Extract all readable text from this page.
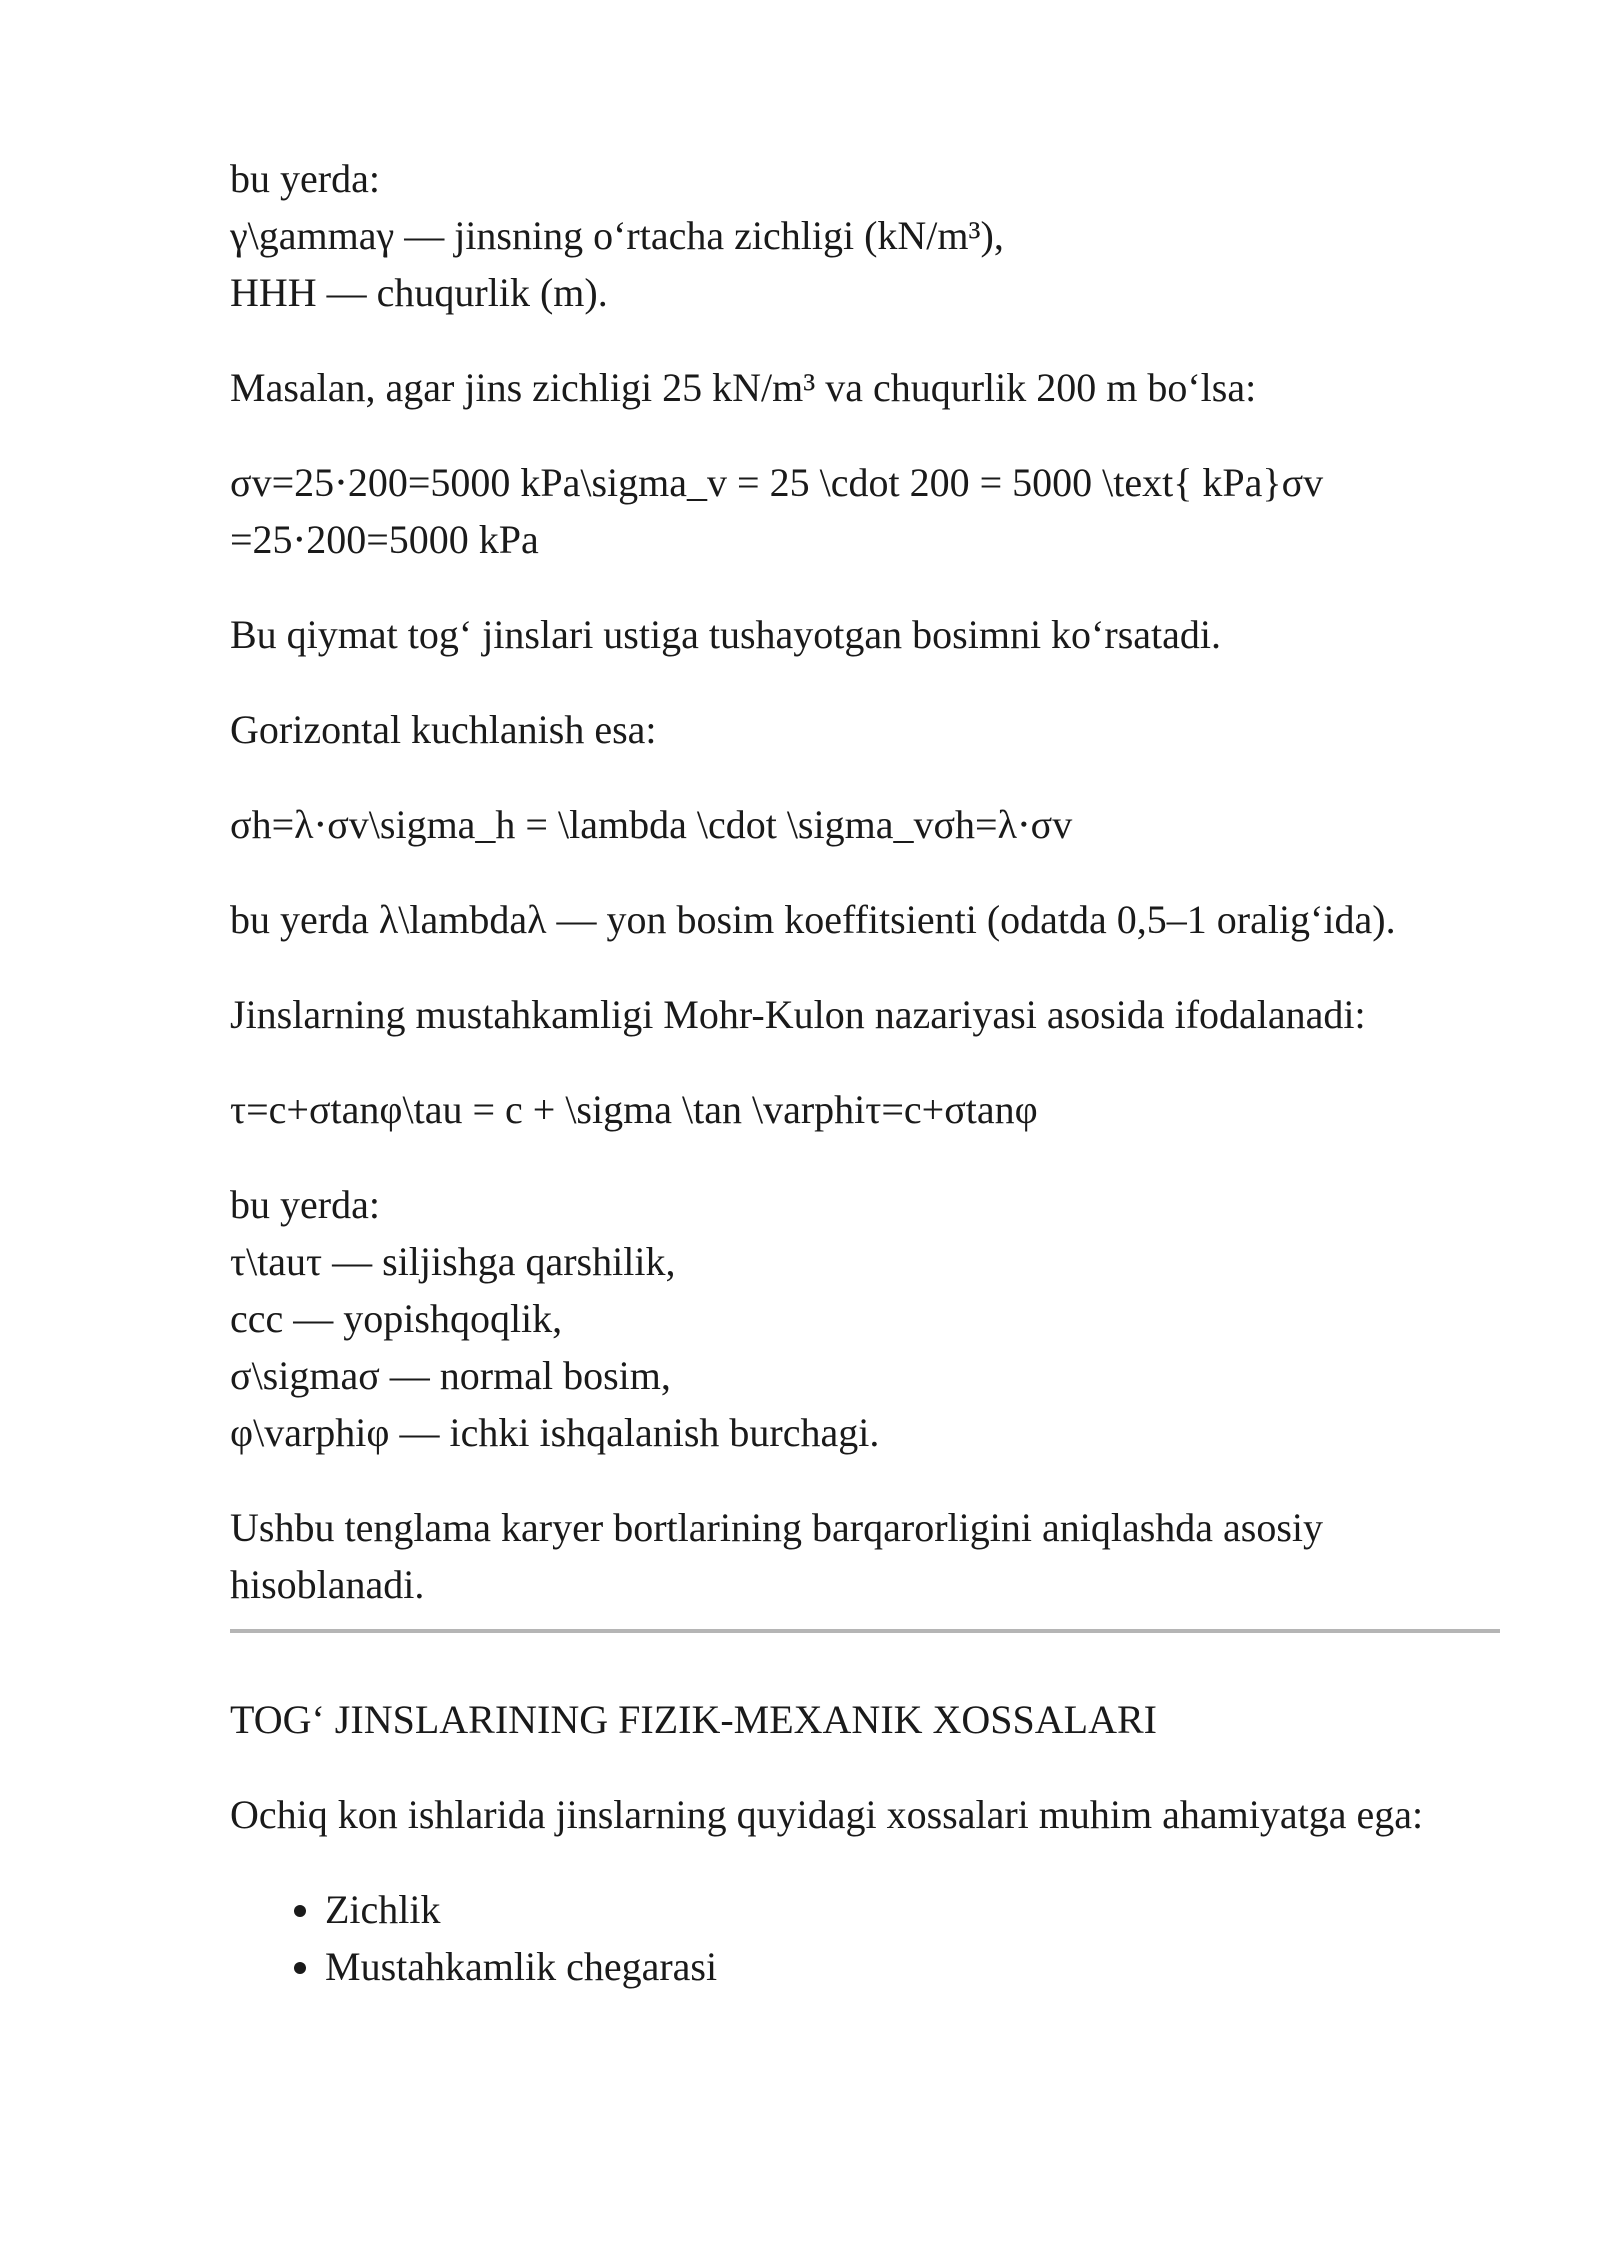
bu yerda:
γ\gammaγ — jinsning oʻrtacha zichligi (kN/m³),
HHH — chuqurlik (m).

Masalan, agar jins zichligi 25 kN/m³ va chuqurlik 200 m boʻlsa:

σv=25⋅200=5000 kPa\sigma_v = 25 \cdot 200 = 5000 \text{ kPa}σv
=25⋅200=5000 kPa

Bu qiymat togʻ jinslari ustiga tushayotgan bosimni koʻrsatadi.

Gorizontal kuchlanish esa:

σh=λ⋅σv\sigma_h = \lambda \cdot \sigma_vσh=λ⋅σv

bu yerda λ\lambdaλ — yon bosim koeffitsienti (odatda 0,5–1 oraligʻida).

Jinslarning mustahkamligi Mohr-Kulon nazariyasi asosida ifodalanadi:

τ=c+σtanφ\tau = c + \sigma \tan \varphiτ=c+σtanφ

bu yerda:
τ\tauτ — siljishga qarshilik,
ccc — yopishqoqlik,
σ\sigmaσ — normal bosim,
φ\varphiφ — ichki ishqalanish burchagi.

Ushbu tenglama karyer bortlarining barqarorligini aniqlashda asosiy hisoblanadi.

TOGʻ JINSLARINING FIZIK-MEXANIK XOSSALARI

Ochiq kon ishlarida jinslarning quyidagi xossalari muhim ahamiyatga ega:

• Zichlik
• Mustahkamlik chegarasi
